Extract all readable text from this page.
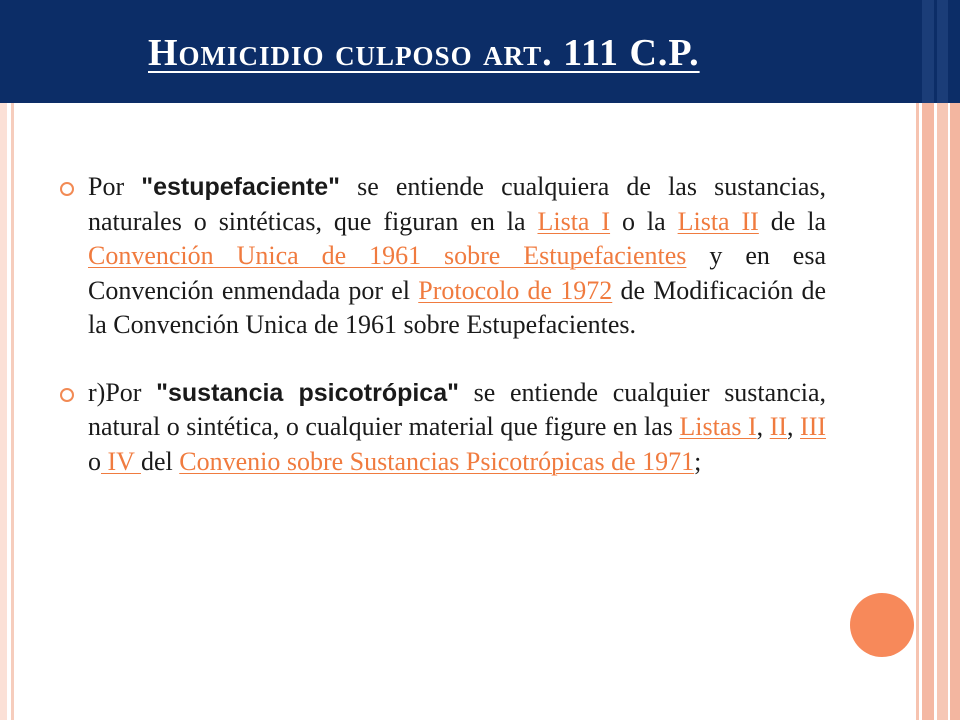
Homicidio culposo art. 111 C.P.

Por "estupefaciente" se entiende cualquiera de las sustancias, naturales o sintéticas, que figuran en la Lista I o la Lista II de la Convención Unica de 1961 sobre Estupefacientes y en esa Convención enmendada por el Protocolo de 1972 de Modificación de la Convención Unica de 1961 sobre Estupefacientes.

r)Por "sustancia psicotrópica" se entiende cualquier sustancia, natural o sintética, o cualquier material que figure en las Listas I, II, III o IV del Convenio sobre Sustancias Psicotrópicas de 1971;
